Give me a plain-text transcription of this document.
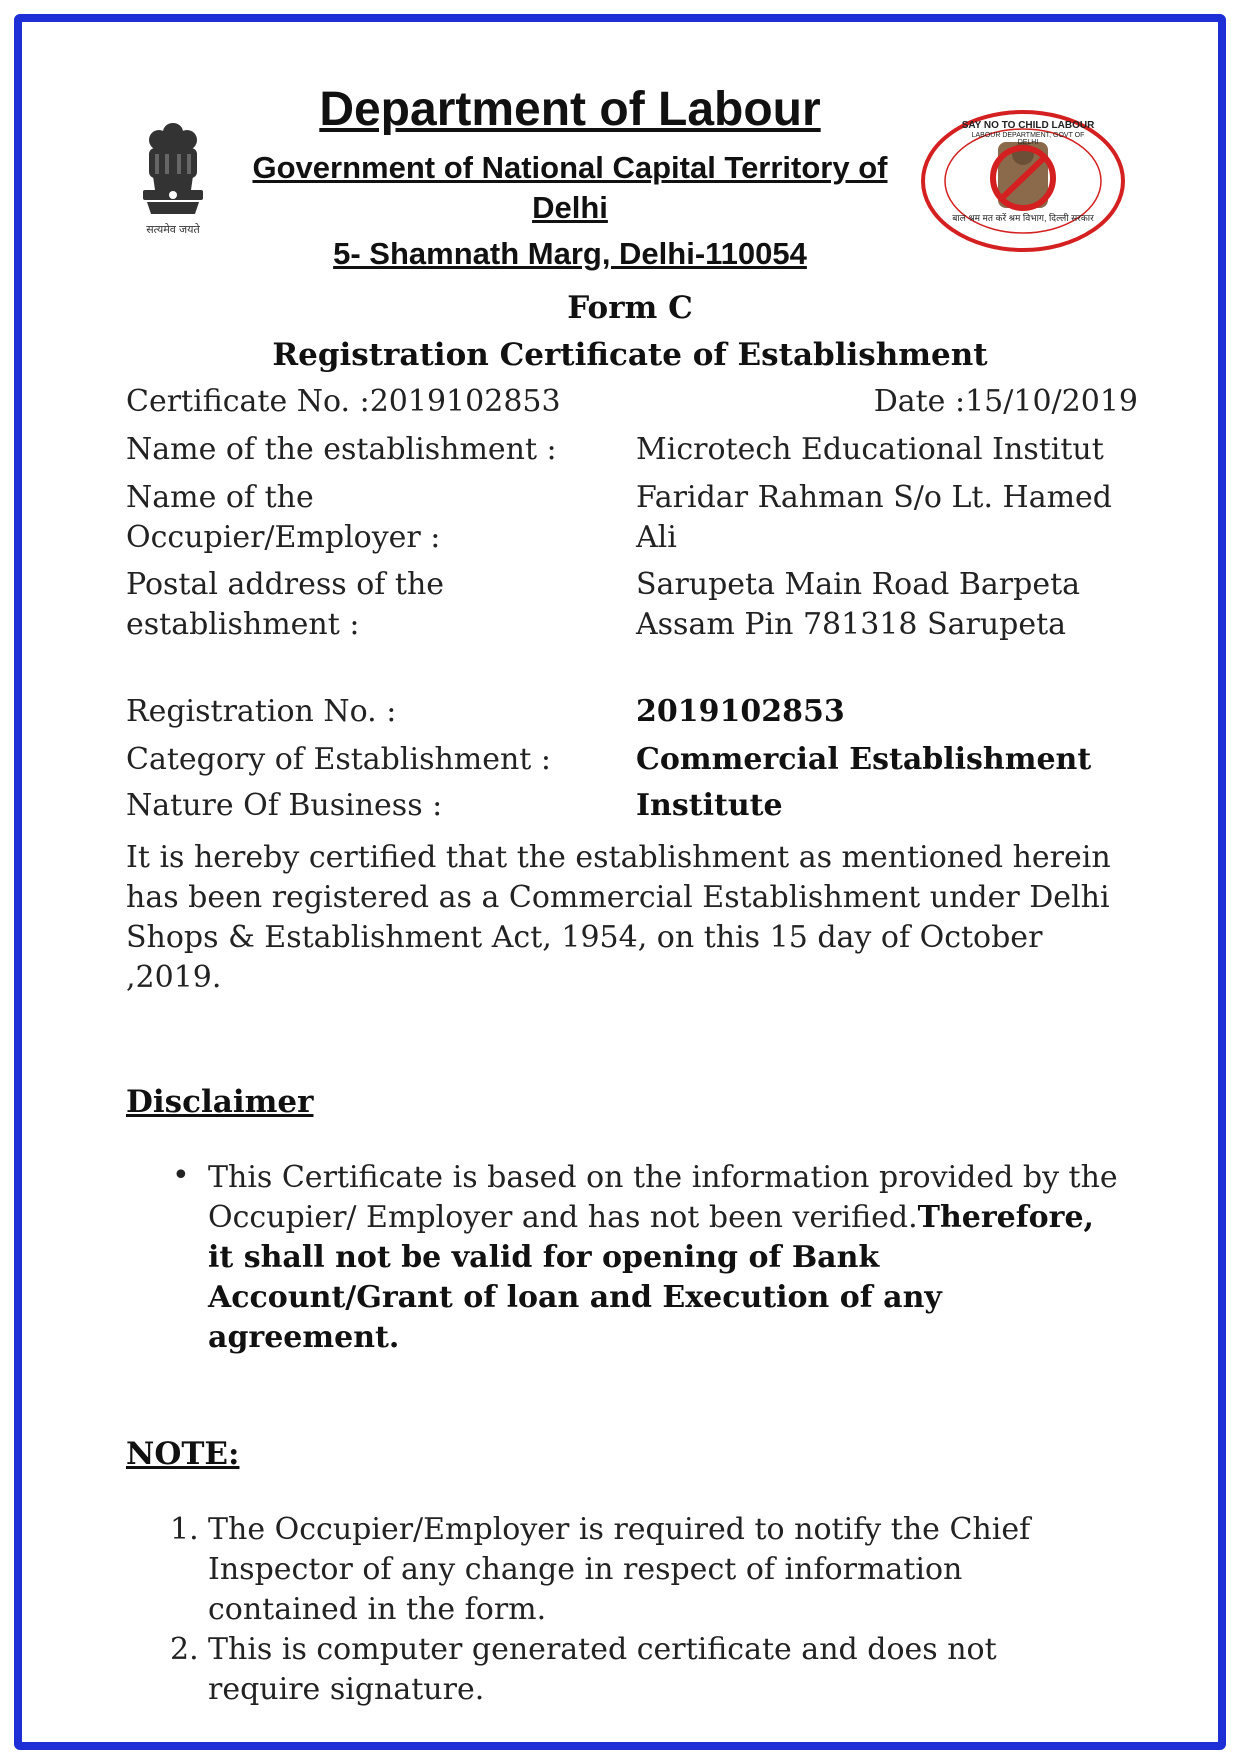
सत्यमेव जयते
SAY NO TO CHILD LABOUR
LABOUR DEPARTMENT, GOVT OF DELHI
बाल श्रम मत करें श्रम विभाग, दिल्ली सरकार
Department of Labour
Government of National Capital Territory of Delhi
5- Shamnath Marg, Delhi-110054
Form C
Registration Certificate of Establishment
Certificate No. :2019102853	Date :15/10/2019
Name of the establishment :	Microtech Educational Institut
Name of the Occupier/Employer :
Faridar Rahman S/o Lt. Hamed Ali
Postal address of the establishment :
Sarupeta Main Road Barpeta Assam Pin 781318 Sarupeta
Registration No. :	2019102853
Category of Establishment :	Commercial Establishment
Nature Of Business :	Institute
It is hereby certified that the establishment as mentioned herein has been registered as a Commercial Establishment under Delhi Shops & Establishment Act, 1954, on this 15 day of October ,2019.
Disclaimer
• This Certificate is based on the information provided by the Occupier/ Employer and has not been verified.Therefore, it shall not be valid for opening of Bank Account/Grant of loan and Execution of any agreement.
NOTE:
1. The Occupier/Employer is required to notify the Chief Inspector of any change in respect of information contained in the form.
2. This is computer generated certificate and does not require signature.
